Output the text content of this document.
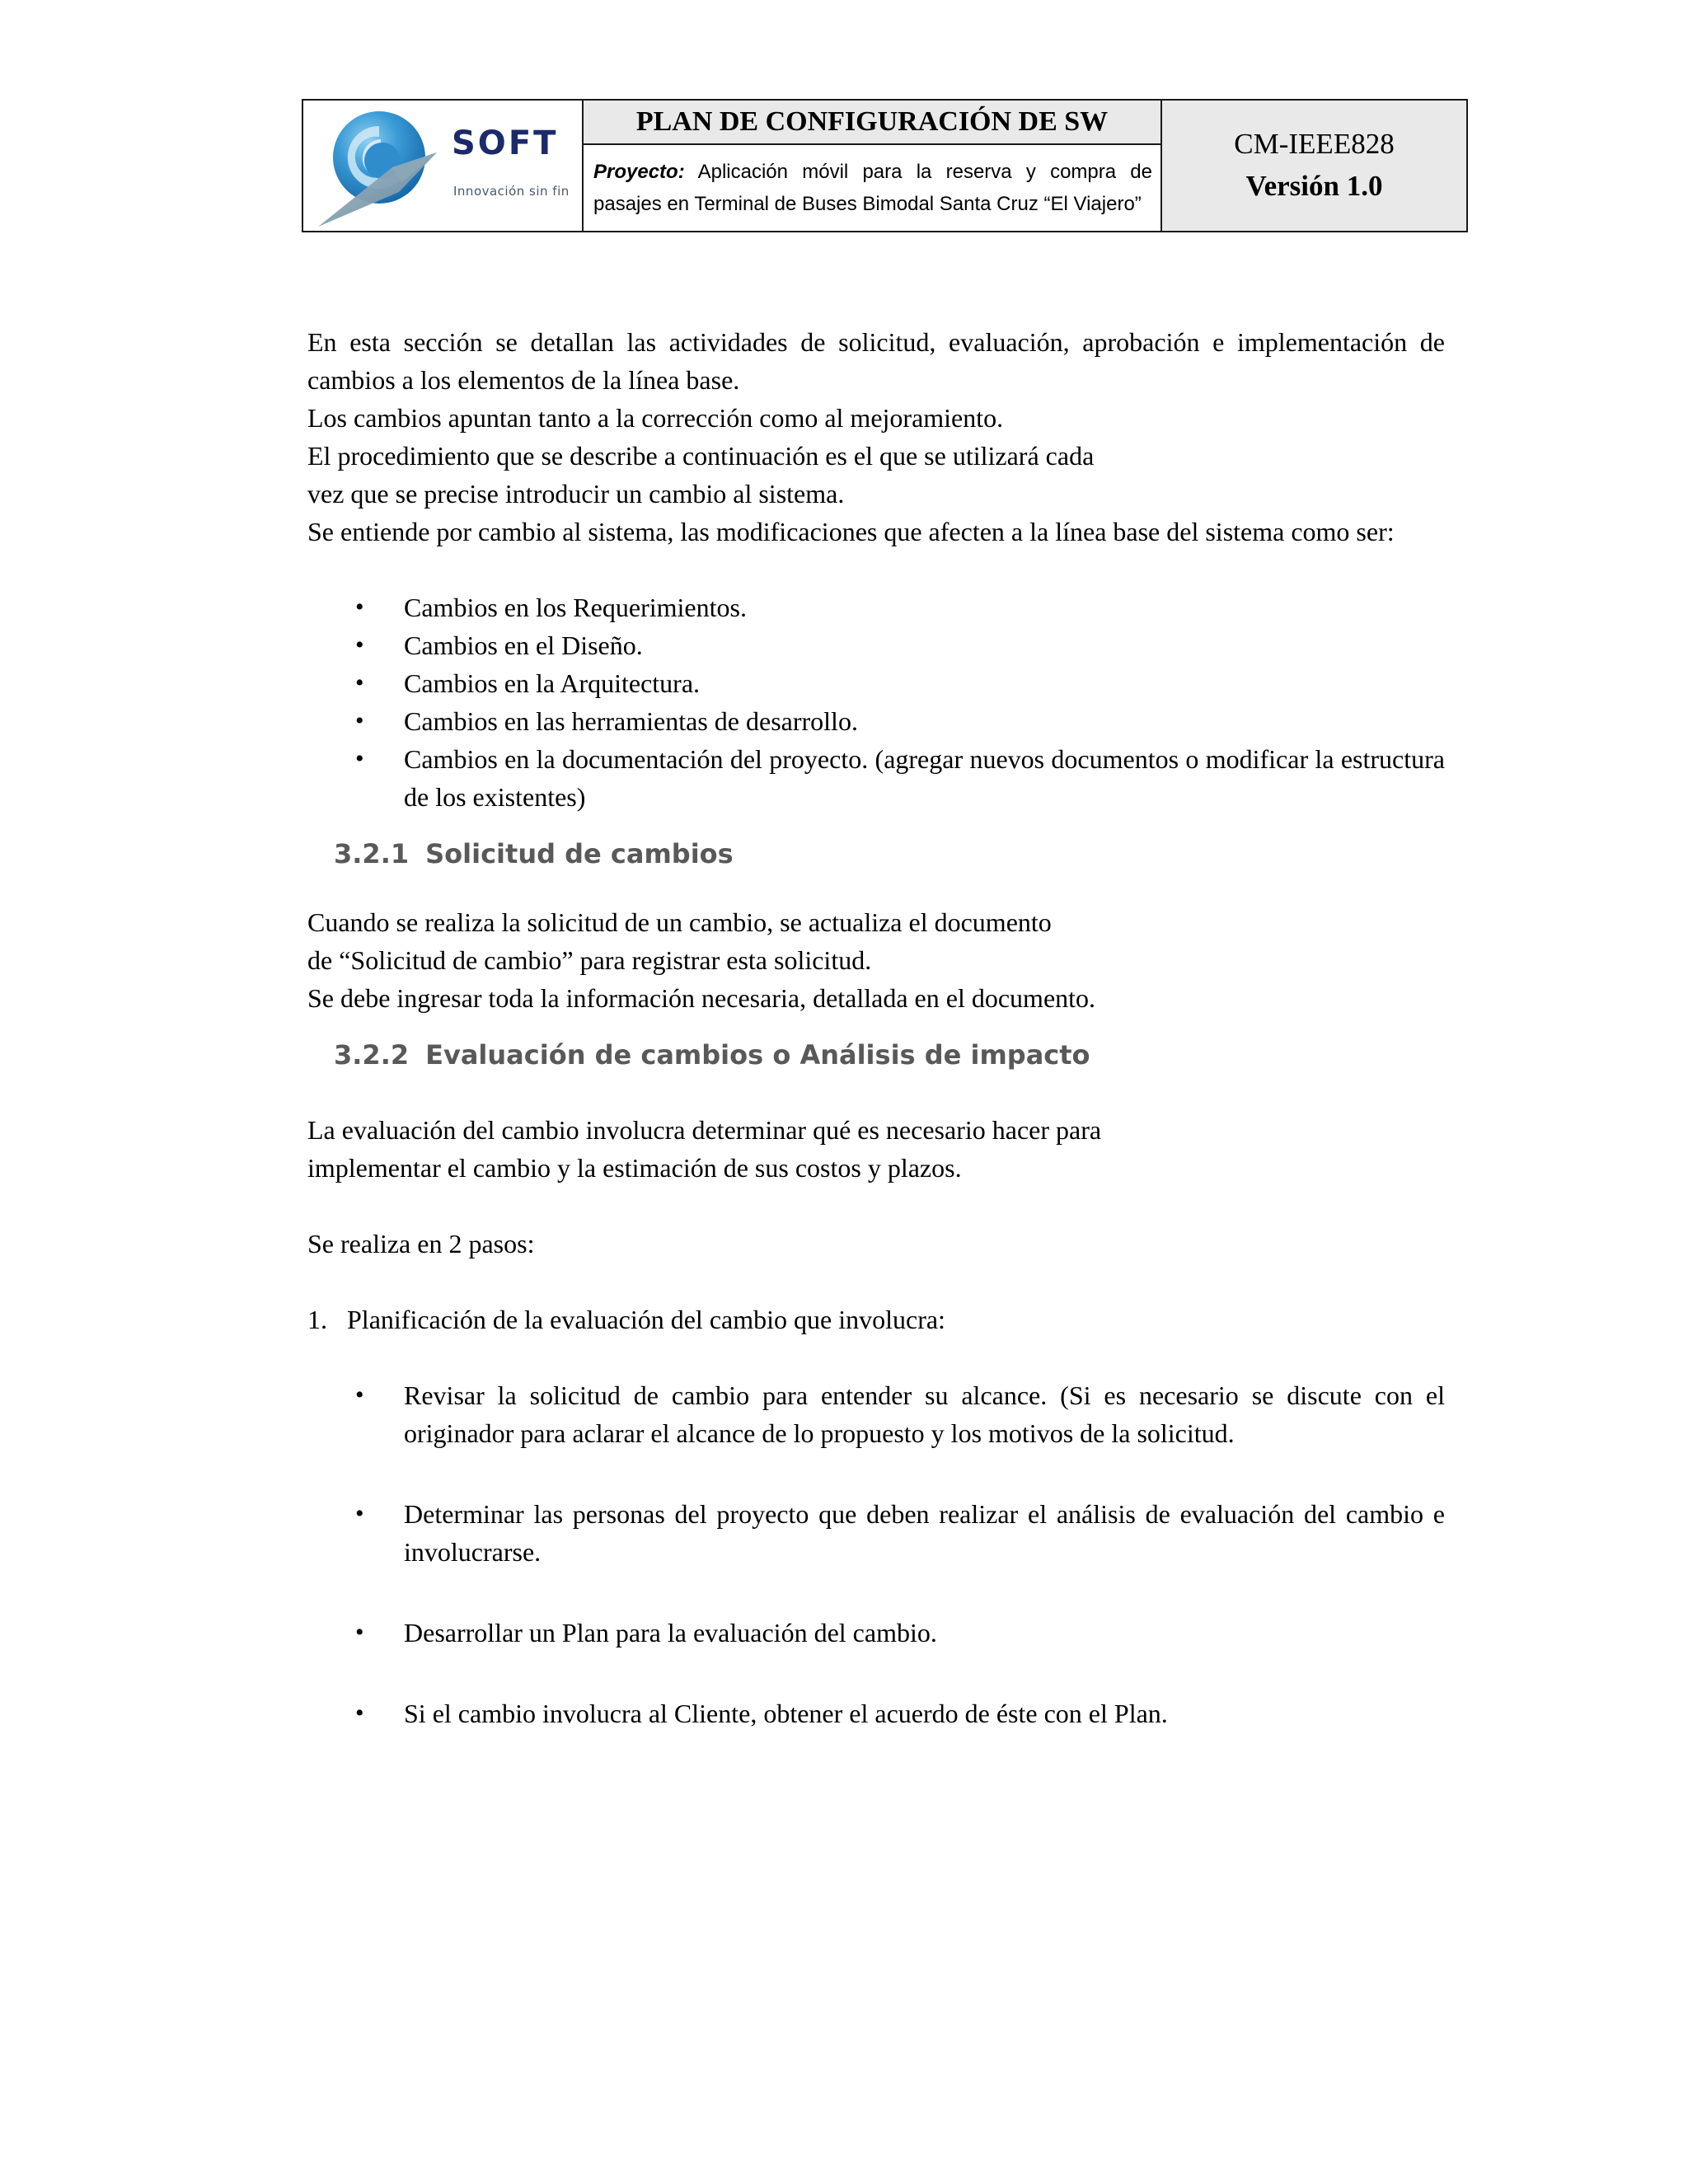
SOFT
Innovación sin fin

PLAN DE CONFIGURACIÓN DE SW

CM-IEEE828
Versión 1.0

Proyecto: Aplicación móvil para la reserva y compra de pasajes en Terminal de Buses Bimodal Santa Cruz “El Viajero”

En esta sección se detallan las actividades de solicitud, evaluación, aprobación e implementación de cambios a los elementos de la línea base.

Los cambios apuntan tanto a la corrección como al mejoramiento.

El procedimiento que se describe a continuación es el que se utilizará cada

vez que se precise introducir un cambio al sistema.

Se entiende por cambio al sistema, las modificaciones que afecten a la línea base del sistema como ser:

• Cambios en los Requerimientos.
• Cambios en el Diseño.
• Cambios en la Arquitectura.
• Cambios en las herramientas de desarrollo.
• Cambios en la documentación del proyecto. (agregar nuevos documentos o modificar la estructura de los existentes)
3.2.1 Solicitud de cambios

Cuando se realiza la solicitud de un cambio, se actualiza el documento

de “Solicitud de cambio” para registrar esta solicitud.

Se debe ingresar toda la información necesaria, detallada en el documento.

3.2.2 Evaluación de cambios o Análisis de impacto

La evaluación del cambio involucra determinar qué es necesario hacer para

implementar el cambio y la estimación de sus costos y plazos.

Se realiza en 2 pasos:

1. Planificación de la evaluación del cambio que involucra:
• Revisar la solicitud de cambio para entender su alcance. (Si es necesario se discute con el originador para aclarar el alcance de lo propuesto y los motivos de la solicitud.
• Determinar las personas del proyecto que deben realizar el análisis de evaluación del cambio e involucrarse.
• Desarrollar un Plan para la evaluación del cambio.
• Si el cambio involucra al Cliente, obtener el acuerdo de éste con el Plan.
